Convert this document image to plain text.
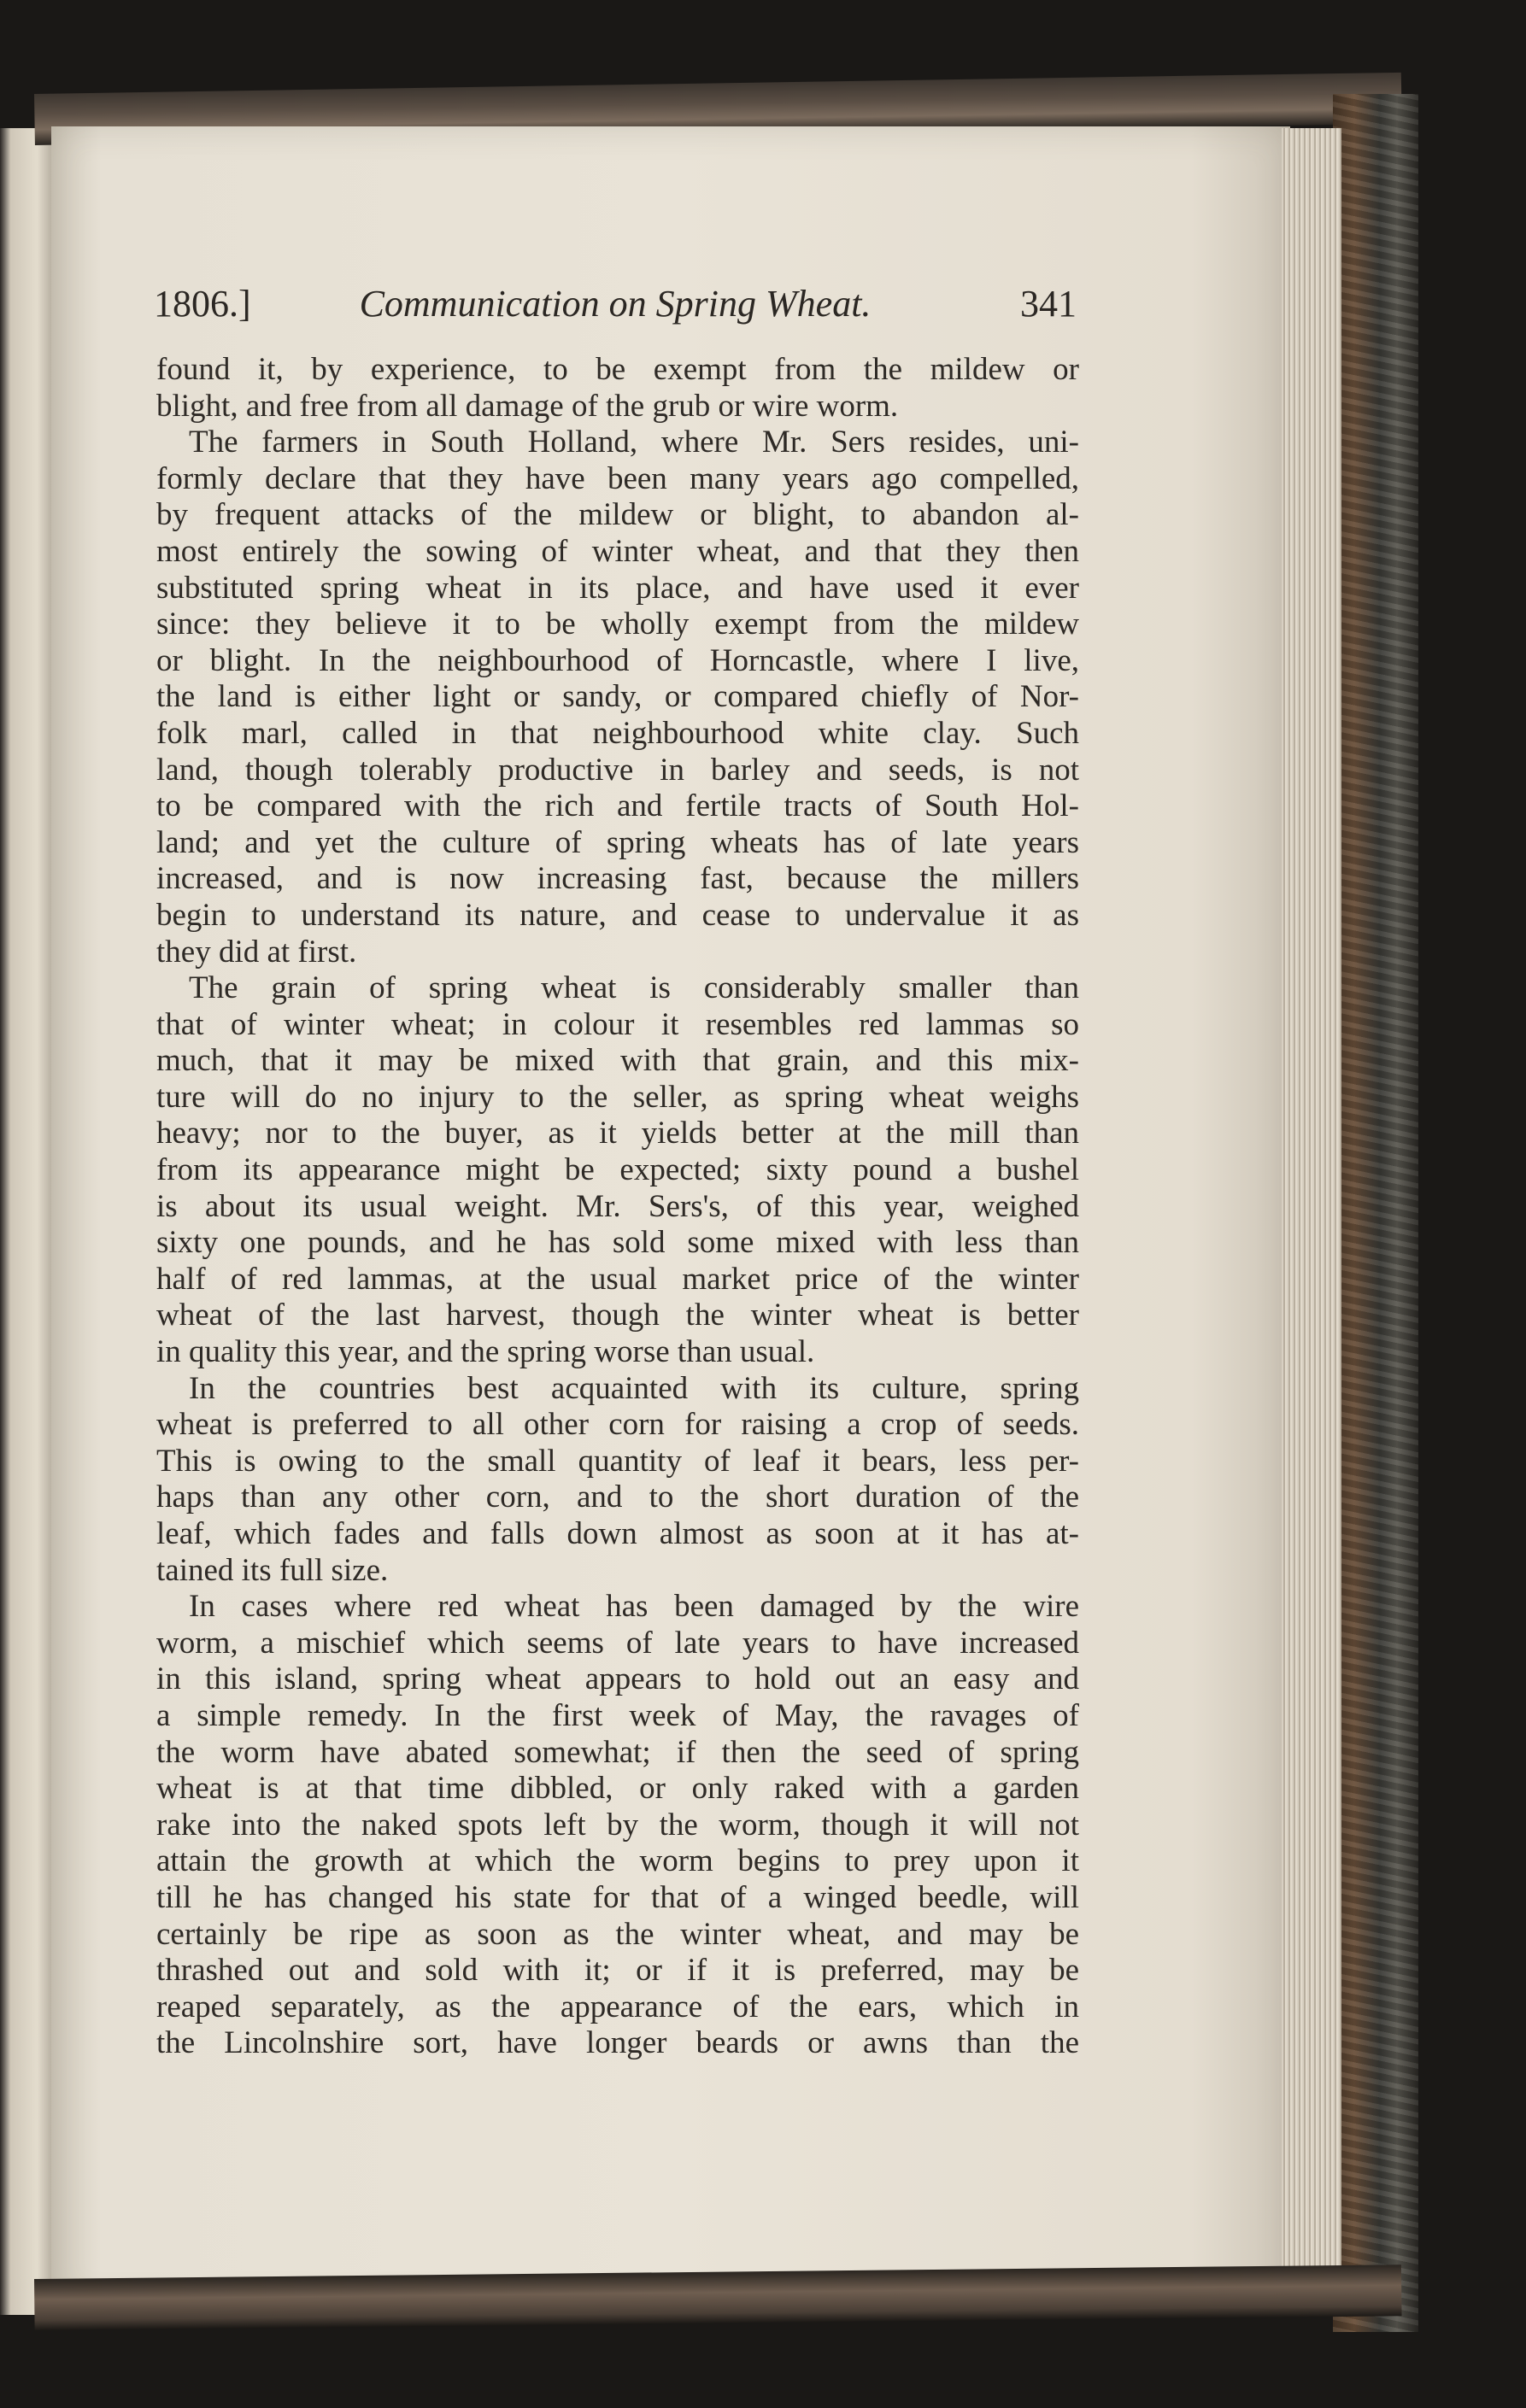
1806.]	Communication on Spring Wheat.	341
found it, by experience, to be exempt from the mildew or
blight, and free from all damage of the grub or wire worm.
The farmers in South Holland, where Mr. Sers resides, uni-
formly declare that they have been many years ago compelled,
by frequent attacks of the mildew or blight, to abandon al-
most entirely the sowing of winter wheat, and that they then
substituted spring wheat in its place, and have used it ever
since: they believe it to be wholly exempt from the mildew
or blight. In the neighbourhood of Horncastle, where I live,
the land is either light or sandy, or compared chiefly of Nor-
folk marl, called in that neighbourhood white clay. Such
land, though tolerably productive in barley and seeds, is not
to be compared with the rich and fertile tracts of South Hol-
land; and yet the culture of spring wheats has of late years
increased, and is now increasing fast, because the millers
begin to understand its nature, and cease to undervalue it as
they did at first.
The grain of spring wheat is considerably smaller than
that of winter wheat; in colour it resembles red lammas so
much, that it may be mixed with that grain, and this mix-
ture will do no injury to the seller, as spring wheat weighs
heavy; nor to the buyer, as it yields better at the mill than
from its appearance might be expected; sixty pound a bushel
is about its usual weight. Mr. Sers's, of this year, weighed
sixty one pounds, and he has sold some mixed with less than
half of red lammas, at the usual market price of the winter
wheat of the last harvest, though the winter wheat is better
in quality this year, and the spring worse than usual.
In the countries best acquainted with its culture, spring
wheat is preferred to all other corn for raising a crop of seeds.
This is owing to the small quantity of leaf it bears, less per-
haps than any other corn, and to the short duration of the
leaf, which fades and falls down almost as soon at it has at-
tained its full size.
In cases where red wheat has been damaged by the wire
worm, a mischief which seems of late years to have increased
in this island, spring wheat appears to hold out an easy and
a simple remedy. In the first week of May, the ravages of
the worm have abated somewhat; if then the seed of spring
wheat is at that time dibbled, or only raked with a garden
rake into the naked spots left by the worm, though it will not
attain the growth at which the worm begins to prey upon it
till he has changed his state for that of a winged beedle, will
certainly be ripe as soon as the winter wheat, and may be
thrashed out and sold with it; or if it is preferred, may be
reaped separately, as the appearance of the ears, which in
the Lincolnshire sort, have longer beards or awns than the
